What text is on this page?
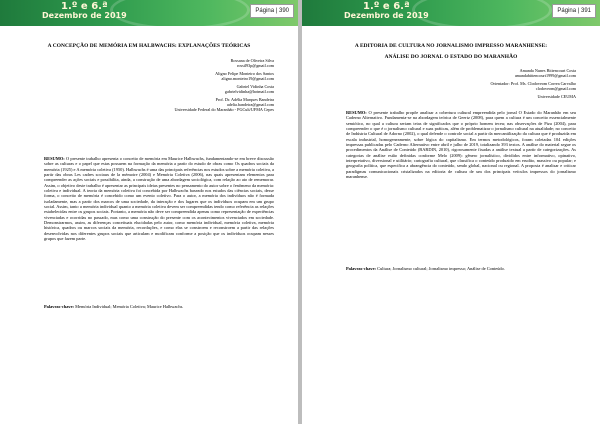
1.º e 6.ª
Dezembro de 2019	Página | 390
A CONCEPÇÃO DE MEMÓRIA EM HALBWACHS: EXPLANAÇÕES TEÓRICAS
Rossana de Oliveira Silva
rossil93p@gmail.com
Aligno Felipe Monteiro dos Santos
aligno.monteiro19@gmail.com
Gabriel Vidinha Costa
gabrielvidinha@hotmail.com
Prof. Dr. Adélia Marques Bandeira
adelia.bandeira@gmail.com
Universidade Federal do Maranhão - PGCult/UFMA Cepes
RESUMO: O presente trabalho apresenta o conceito de memória em Maurice Halbwachs, fundamentando-se em breve discussão sobre as culturas e o papel que estas possuem na formação da memória a partir do estudo de obras como Os quadros sociais da memória (1925) e A memória coletiva (1950). Halbwachs é uma das principais referências nos estudos sobre a memória coletiva, a partir das obras Les cadres sociaux de la mémoire (2004) e Memória Coletiva (2006), nas quais apresentam elementos para compreender as ações sociais e possibilita, ainda, a construção de uma abordagem sociológica, com relação ao ato de rememorar. Assim, o objetivo deste trabalho é apresentar as principais ideias presentes no pensamento do autor sobre o fenômeno da memória: coletiva e individual. A teoria da memória coletiva foi concebida por Halbwachs baseado nos estudos das ciências sociais, desse forma, o conceito de memória é concebido como um evento coletivo. Para o autor, a memória dos indivíduos não é formada isoladamente, mas a partir dos marcos de uma sociedade, da interação e dos lugares que os indivíduos ocupam em um grupo social. Assim, tanto a memória individual quanto a memória coletiva devem ser compreendidas tendo como referência as relações estabelecidas entre os grupos sociais. Portanto, a memória não deve ser compreendida apenas como representação de experiências vivenciadas e ocorridas no passado, mas como uma construção do presente com os acontecimentos vivenciados em sociedade. Demonstrarmos, assim, as diferenças conceituais elucidadas pelo autor, como memória individual, memória coletiva, memória histórica, quadros ou marcos sociais da memória, recordações, e como elas se constroem e reconstroem a partir das relações desenvolvidas nos diferentes grupos sociais que articulam e modificam conforme a posição que os indivíduos ocupam nesses grupos que fazem parte.
Palavras-chave: Memória Individual; Memória Coletiva; Maurice Halbwachs.
1.º e 6.ª
Dezembro de 2019	Página | 391
A EDITORIA DE CULTURA NO JORNALISMO IMPRESSO MARANHENSE:
ANÁLISE DO JORNAL O ESTADO DO MARANHÃO
Amanda Nunes Bittencourt Costa
amandabittencourt1999@gmail.com
Orientador: Prof. Ms. Clodoveom Correa Carvalho
clodoveom@gmail.com
Universidade CEUMA
RESUMO: O presente trabalho propõe analisar a cobertura cultural empreendida pelo jornal O Estado do Maranhão em seu Caderno Alternativo. Fundamenta-se na abordagem teórica de Geertz (2008), para quem a cultura é um conceito essencialmente semiótico, no qual a cultura seriam teias de significados que o próprio homem teceu; nas observações de Piza (2004), para compreender o que é o jornalismo cultural e suas práticas, além de problematizar o jornalismo cultural na atualidade; no conceito de Indústria Cultural de Adorno (2002), o qual defende o controle social a partir da mercantilização da cultura que é produzida em escala industrial, homogeneamente, sobre lógica do capitalismo. Em termos metodológicos, foram coletadas 104 edições impressas publicadas pelo Caderno Alternativo entre abril e julho de 2019, totalizando 393 textos. A análise do material segue os procedimentos da Análise de Conteúdo (BARDIN, 2010), rigorosamente fixadas a análise textual a partir de categorizações. As categorias de análise estão definidas conforme Melo (2009): gênero jornalístico, divididos entre informativo, opinativo, interpretativo, diversional e utilitário; cartografia cultural, que classifica o conteúdo produzido em erudito, massivo ou popular; e geografia política, que especifica a abrangência do conteúdo, sendo global, nacional ou regional. A proposta é analisar e criticar paradigmas comunicacionais cristalizados na editoria de cultura de um dos principais veículos impressos do jornalismo maranhense.
Palavras-chave: Cultura; Jornalismo cultural; Jornalismo impresso; Análise de Conteúdo.
